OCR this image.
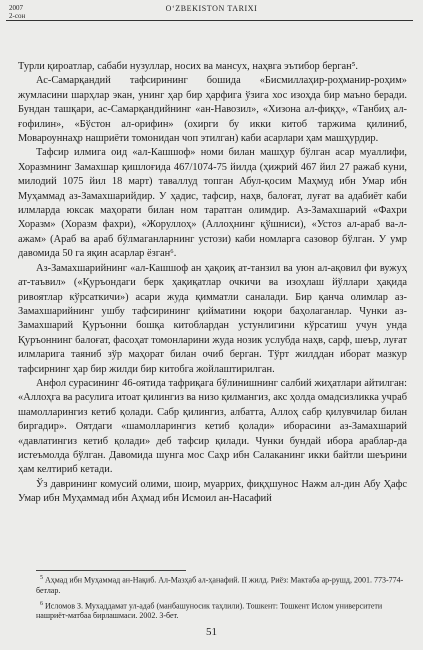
2007
2-сон
O‘ZBEKISTON TARIXI

Турли қироатлар, сабаби нузуллар, носих ва мансух, наҳвга эътибор берган⁵.

Ас-Самарқандий тафсирининг бошида «Бисмиллаҳир-роҳманир-роҳим» жумласини шарҳлар экан, унинг ҳар бир ҳарфига ўзига хос изоҳда бир маъно беради. Бундан ташқари, ас-Самарқандийнинг «ан-Навозил», «Хизона ал-фиқҳ», «Танбиҳ ал-ғофилин», «Бўстон ал-орифин» (охирги бу икки китоб таржима қилиниб, Мовароуннаҳр нашриёти томонидан чоп этилган) каби асарлари ҳам машҳурдир.

Тафсир илмига оид «ал-Кашшоф» номи билан машҳур бўлган асар муаллифи, Хоразмнинг Замахшар қишлоғида 467/1074-75 йилда (ҳижрий 467 йил 27 ражаб куни, милодий 1075 йил 18 март) таваллуд топган Абул-қосим Маҳмуд ибн Умар ибн Муҳаммад аз-Замахшарийдир. У ҳадис, тафсир, наҳв, балоғат, луғат ва адабиёт каби илмларда юксак маҳорати билан ном таратган олимдир. Аз-Замахшарий «Фахри Хоразм» (Хоразм фахри), «Жоруллоҳ» (Аллоҳнинг қўшниси), «Устоз ал-араб ва-л-ажам» (Араб ва араб бўлмаганларнинг устози) каби номларга сазовор бўлган. У умр давомида 50 га яқин асарлар ёзган⁶.

Аз-Замахшарийнинг «ал-Кашшоф ан ҳақоиқ ат-танзил ва уюн ал-ақовил фи вужуҳ ат-таъвил» («Қуръондаги берк ҳақиқатлар очкичи ва изоҳлаш йўллари ҳақида ривоятлар кўрсаткичи») асари жуда қимматли саналади. Бир қанча олимлар аз-Замахшарийнинг ушбу тафсирининг қийматини юқори баҳолаганлар. Чунки аз-Замахшарий Қуръонни бошқа китоблардан устунлигини кўрсатиш учун унда Қуръоннинг балоғат, фасоҳат томонларини жуда нозик услубда наҳв, сарф, шеър, луғат илмларига таяниб зўр маҳорат билан очиб берган. Тўрт жилддан иборат мазкур тафсирнинг ҳар бир жилди бир китобга жойлаштирилган.

Анфол сурасининг 46-оятида тафриқага бўлинишнинг салбий жиҳатлари айтилган: «Аллоҳга ва расулига итоат қилингиз ва низо қилмангиз, акс ҳолда омадсизликка учраб шамолларингиз кетиб қолади. Сабр қилингиз, албатта, Аллоҳ сабр қилувчилар билан биргадир». Оятдаги «шамолларингиз кетиб қолади» ибораcини аз-Замахшарий «давлатингиз кетиб қолади» деб тафсир қилади. Чунки бундай ибора араблар-да истеъмолда бўлган. Давомида шунга мос Саҳр ибн Салаканинг икки байтли шеърини ҳам келтириб кетади.

Ўз даврининг комусий олими, шоир, муаррих, фиқҳшунос Нажм ал-дин Абу Ҳафс Умар ибн Муҳаммад ибн Аҳмад ибн Исмоил ан-Насафий

$^5$ Аҳмад ибн Муҳаммад ан-Нақиб. Ал-Мазҳаб ал-ҳанафий. II жилд. Риёз: Мактаба ар-рушд, 2001. 773-774-бетлар.

$^6$ Исломов З. Мухаддамат ул-адаб (манбашуносик таҳлили). Тошкент: Тошкент Ислом университети нашриёт-матбаа бирлашмаси. 2002. 3-бет.

51
